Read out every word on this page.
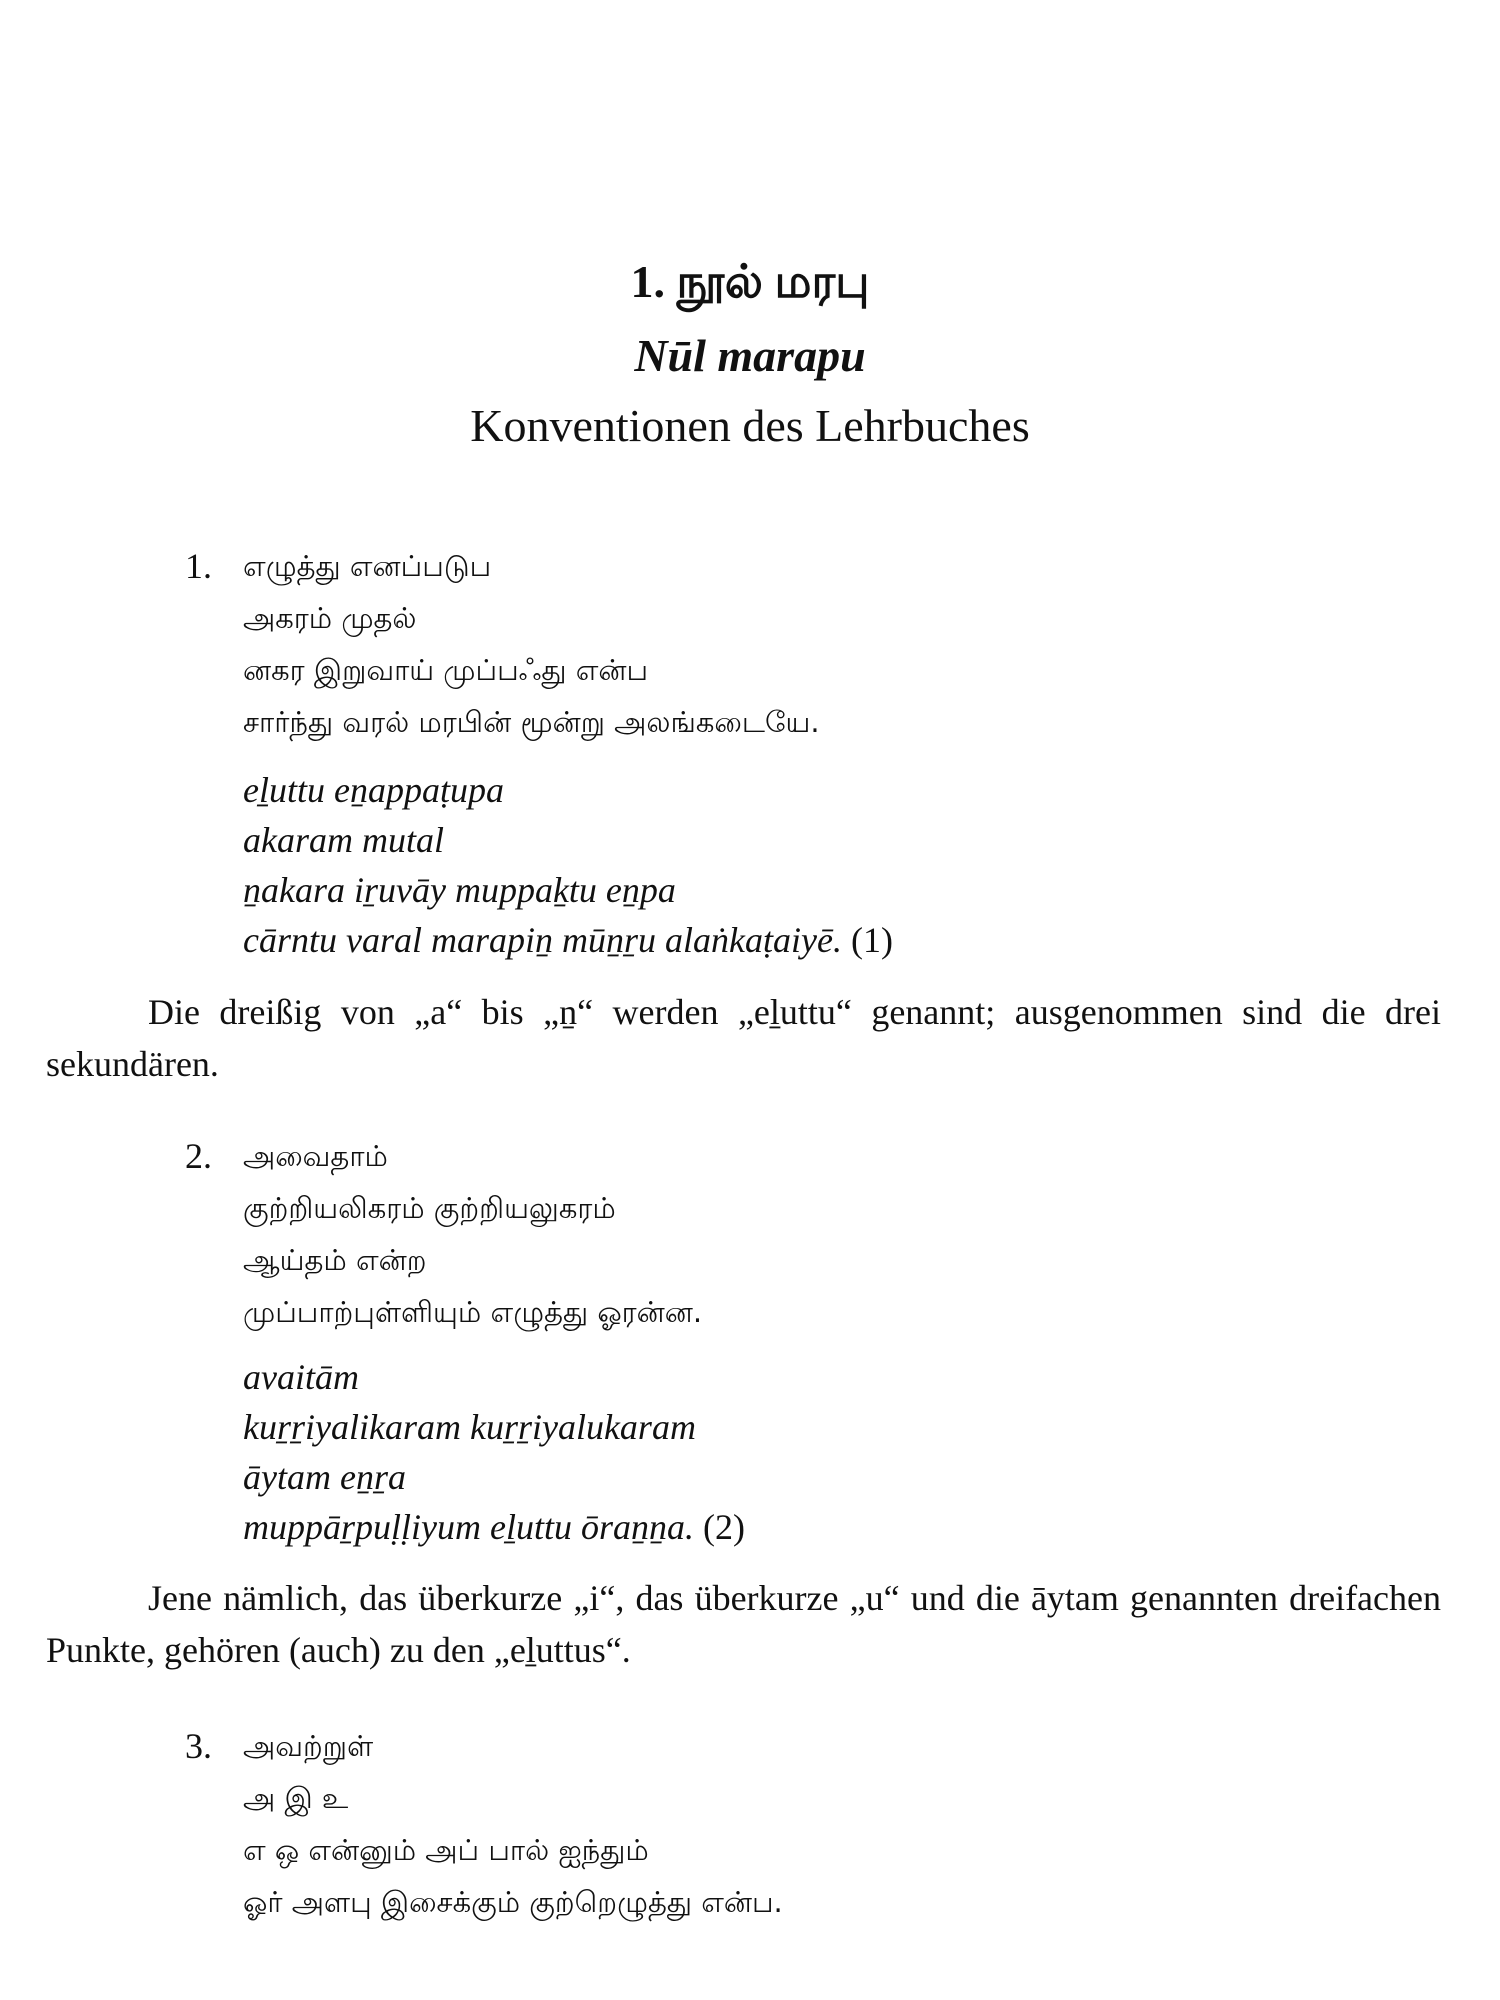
1. நூல் மரபு
Nūl marapu
Konventionen des Lehrbuches
1. எழுத்து எனப்படுப
அகரம் முதல்
னகர இறுவாய் முப்பஃது என்ப
சார்ந்து வரல் மரபின் மூன்று அலங்கடையே.
eḻuttu eṉappaṭupa
akaram mutal
ṉakara iṟuvāy muppaḵtu eṉpa
cārntu varal marapiṉ mūṉṟu alaṅkaṭaiyē. (1)
Die dreißig von „a“ bis „ṉ“ werden „eḻuttu“ genannt; ausgenommen sind die drei sekundären.
2. அவைதாம்
குற்றியலிகரம் குற்றியலுகரம்
ஆய்தம் என்ற
முப்பாற்புள்ளியும் எழுத்து ஓரன்ன.
avaitām
kuṟṟiyalikaram kuṟṟiyalukaram
āytam eṉṟa
muppāṟpuḷḷiyum eḻuttu ōraṉṉa. (2)
Jene nämlich, das überkurze „i“, das überkurze „u“ und die āytam genannten dreifachen Punkte, gehören (auch) zu den „eḻuttus“.
3. அவற்றுள்
அ இ உ
எ ஒ என்னும் அப் பால் ஐந்தும்
ஓர் அளபு இசைக்கும் குற்றெழுத்து என்ப.
